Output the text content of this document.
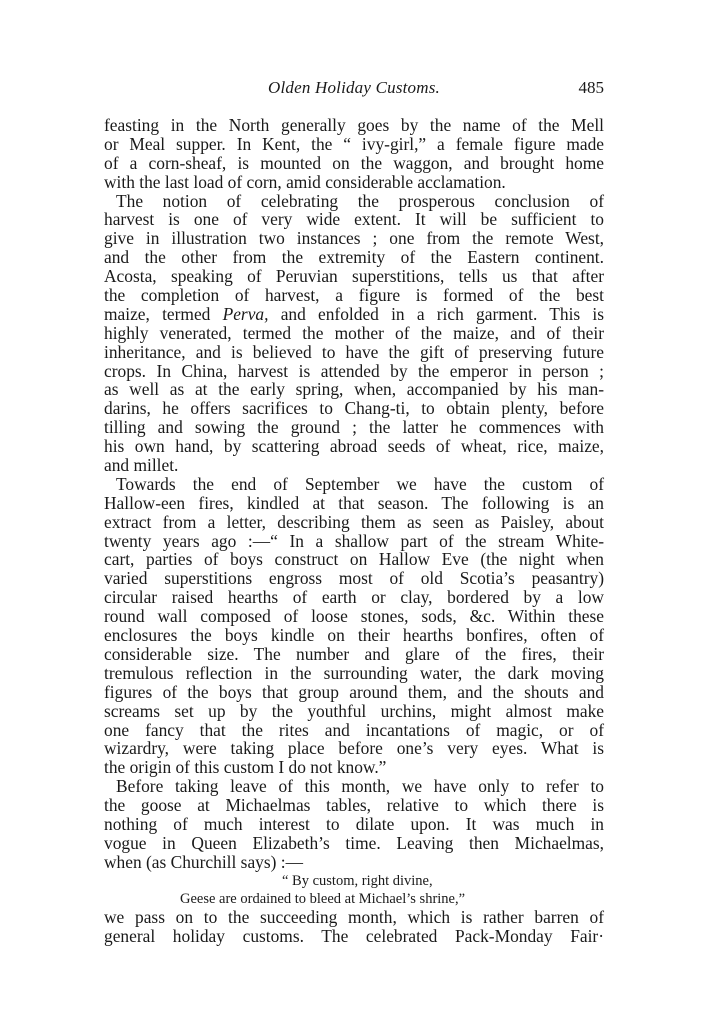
Olden Holiday Customs.	485
feasting in the North generally goes by the name of the Mell
or Meal supper. In Kent, the “ ivy-girl,” a female figure made
of a corn-sheaf, is mounted on the waggon, and brought home
with the last load of corn, amid considerable acclamation.
The notion of celebrating the prosperous conclusion of
harvest is one of very wide extent. It will be sufficient to
give in illustration two instances ; one from the remote West,
and the other from the extremity of the Eastern continent.
Acosta, speaking of Peruvian superstitions, tells us that after
the completion of harvest, a figure is formed of the best
maize, termed Perva, and enfolded in a rich garment. This is
highly venerated, termed the mother of the maize, and of their
inheritance, and is believed to have the gift of preserving future
crops. In China, harvest is attended by the emperor in person ;
as well as at the early spring, when, accompanied by his man-
darins, he offers sacrifices to Chang-ti, to obtain plenty, before
tilling and sowing the ground ; the latter he commences with
his own hand, by scattering abroad seeds of wheat, rice, maize,
and millet.
Towards the end of September we have the custom of
Hallow-een fires, kindled at that season. The following is an
extract from a letter, describing them as seen as Paisley, about
twenty years ago :—“ In a shallow part of the stream White-
cart, parties of boys construct on Hallow Eve (the night when
varied superstitions engross most of old Scotia’s peasantry)
circular raised hearths of earth or clay, bordered by a low
round wall composed of loose stones, sods, &c. Within these
enclosures the boys kindle on their hearths bonfires, often of
considerable size. The number and glare of the fires, their
tremulous reflection in the surrounding water, the dark moving
figures of the boys that group around them, and the shouts and
screams set up by the youthful urchins, might almost make
one fancy that the rites and incantations of magic, or of
wizardry, were taking place before one’s very eyes. What is
the origin of this custom I do not know.”
Before taking leave of this month, we have only to refer to
the goose at Michaelmas tables, relative to which there is
nothing of much interest to dilate upon. It was much in
vogue in Queen Elizabeth’s time. Leaving then Michaelmas,
when (as Churchill says) :—
“ By custom, right divine,
Geese are ordained to bleed at Michael’s shrine,”
we pass on to the succeeding month, which is rather barren of
general holiday customs. The celebrated Pack-Monday Fair·
